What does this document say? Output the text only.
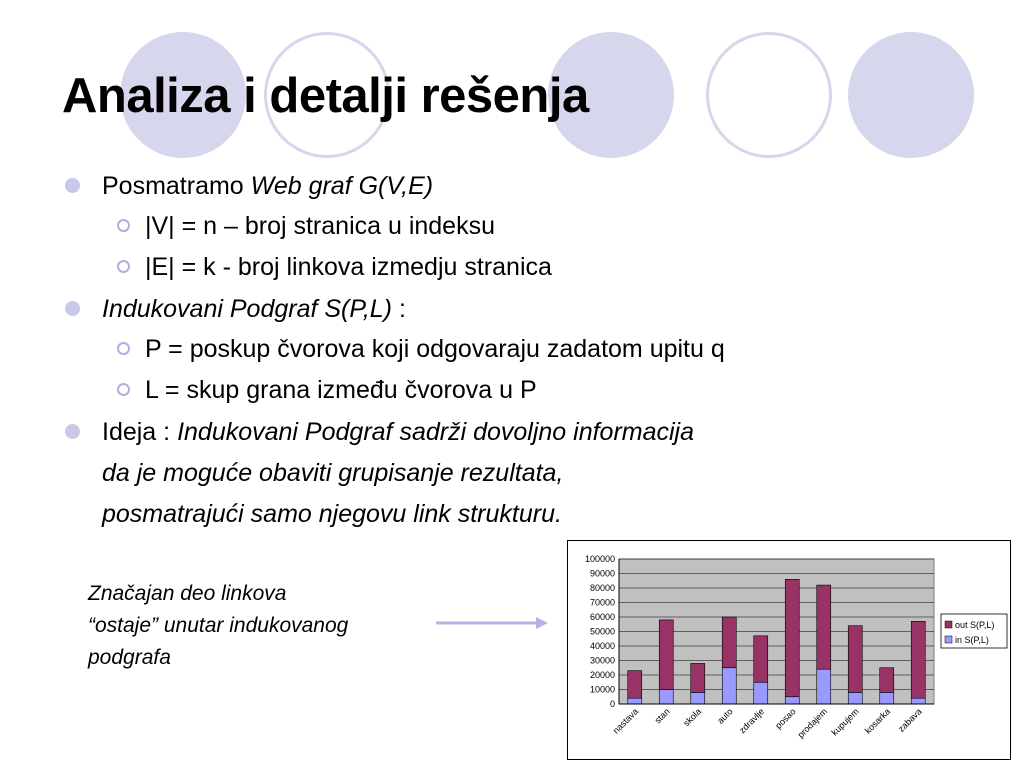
Analiza i detalji rešenja
Posmatramo Web graf G(V,E)
|V| = n – broj stranica u indeksu
|E| = k - broj linkova izmedju stranica
Indukovani Podgraf S(P,L) :
P = poskup čvorova koji odgovaraju zadatom upitu q
L = skup grana između čvorova u P
Ideja : Indukovani Podgraf sadrži dovoljno informacija
da je moguće obaviti grupisanje rezultata,
posmatrajući samo njegovu link strukturu.
Značajan deo linkova
“ostaje” unutar indukovanog
podgrafa
0
10000
20000
30000
40000
50000
60000
70000
80000
90000
100000
nastava stan skola auto zdravlje posao
prodajem kupujem kosarka zabava
out S(P,L)
in S(P,L)
